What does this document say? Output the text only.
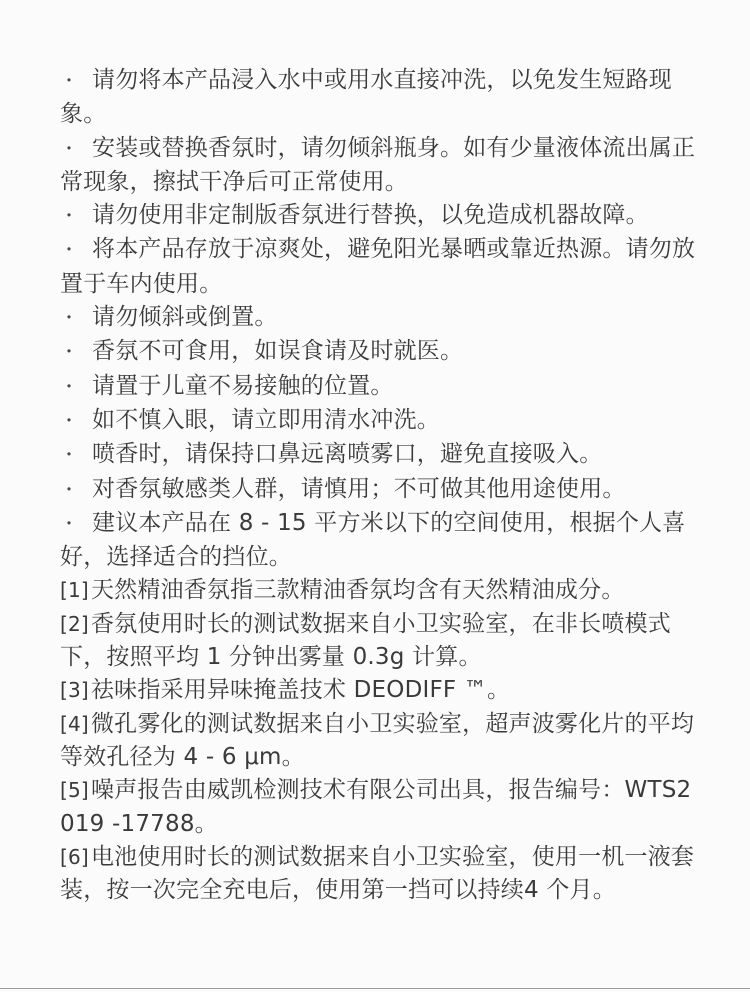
・ 请勿将本产品浸入水中或用水直接冲洗，以免发生短路现象。
・ 安装或替换香氛时，请勿倾斜瓶身。如有少量液体流出属正常现象，擦拭干净后可正常使用。
・ 请勿使用非定制版香氛进行替换，以免造成机器故障。
・ 将本产品存放于凉爽处，避免阳光暴晒或靠近热源。请勿放置于车内使用。
・ 请勿倾斜或倒置。
・ 香氛不可食用，如误食请及时就医。
・ 请置于儿童不易接触的位置。
・ 如不慎入眼，请立即用清水冲洗。
・ 喷香时，请保持口鼻远离喷雾口，避免直接吸入。
・ 对香氛敏感类人群，请慎用；不可做其他用途使用。
・ 建议本产品在 8 - 15 平方米以下的空间使用，根据个人喜好，选择适合的挡位。
[1]天然精油香氛指三款精油香氛均含有天然精油成分。
[2]香氛使用时长的测试数据来自小卫实验室，在非长喷模式下，按照平均 1 分钟出雾量 0.3g 计算。
[3]祛味指采用异味掩盖技术 DEODIFF ™。
[4]微孔雾化的测试数据来自小卫实验室，超声波雾化片的平均等效孔径为 4 - 6 μm。
[5]噪声报告由威凯检测技术有限公司出具，报告编号：WTS2019 -17788。
[6]电池使用时长的测试数据来自小卫实验室，使用一机一液套装，按一次完全充电后，使用第一挡可以持续4 个月。
